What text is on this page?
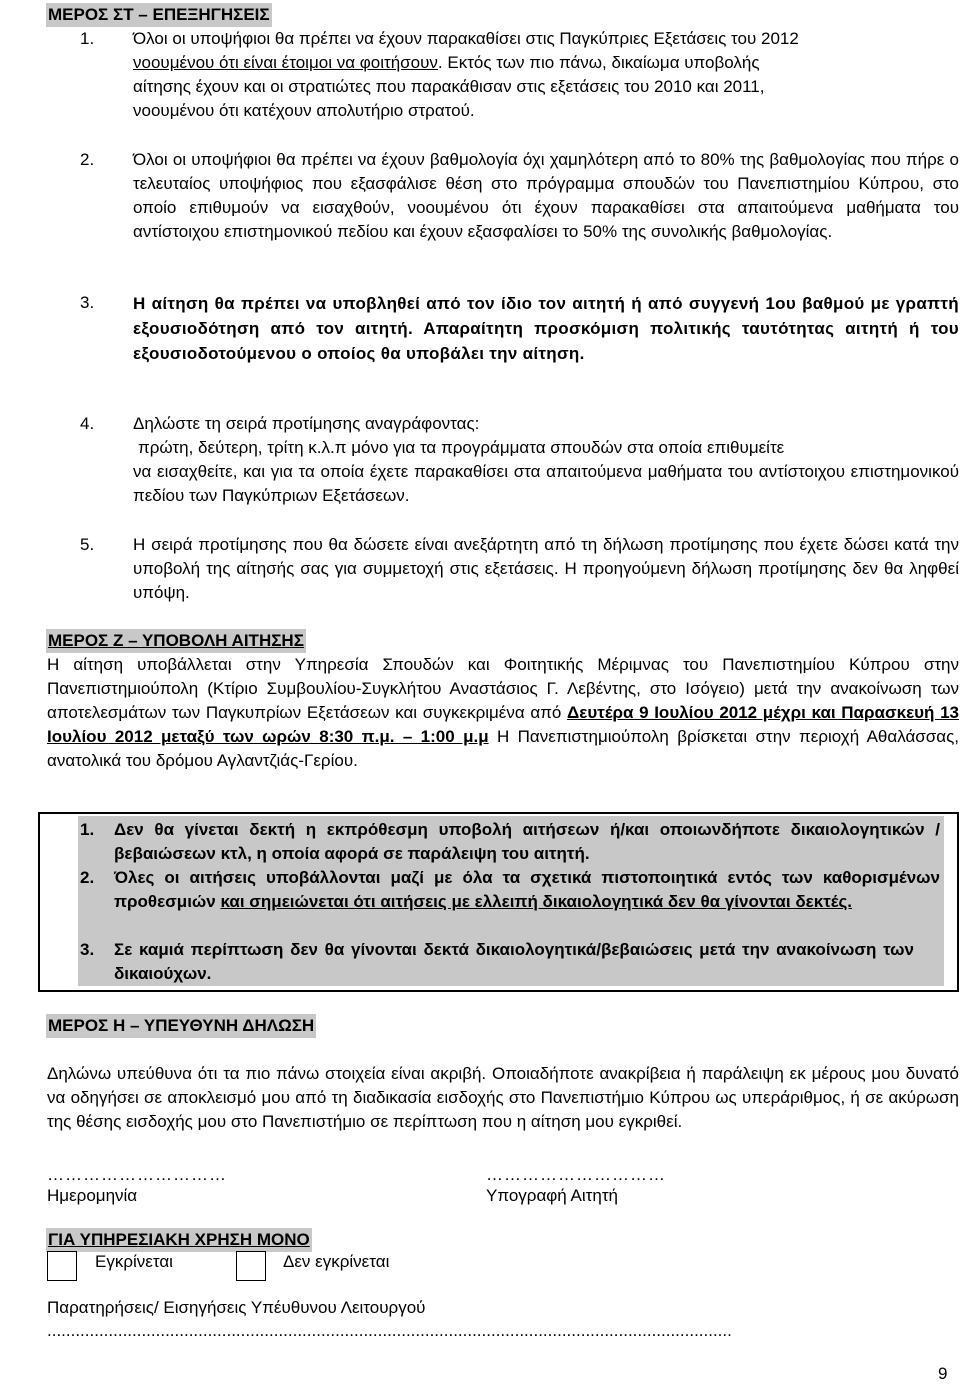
ΜΕΡΟΣ ΣΤ – ΕΠΕΞΗΓΗΣΕΙΣ
1. Όλοι οι υποψήφιοι θα πρέπει να έχουν παρακαθίσει στις Παγκύπριες Εξετάσεις του 2012
νοουμένου ότι είναι έτοιμοι να φοιτήσουν. Εκτός των πιο πάνω, δικαίωμα υποβολής
αίτησης έχουν και οι στρατιώτες που παρακάθισαν στις εξετάσεις του 2010 και 2011,
νοουμένου ότι κατέχουν απολυτήριο στρατού.
2. Όλοι οι υποψήφιοι θα πρέπει να έχουν βαθμολογία όχι χαμηλότερη από το 80% της βαθμολογίας που πήρε ο τελευταίος υποψήφιος που εξασφάλισε θέση στο πρόγραμμα σπουδών του Πανεπιστημίου Κύπρου, στο οποίο επιθυμούν να εισαχθούν, νοουμένου ότι έχουν παρακαθίσει στα απαιτούμενα μαθήματα του αντίστοιχου επιστημονικού πεδίου και έχουν εξασφαλίσει το 50% της συνολικής βαθμολογίας.
3. Η αίτηση θα πρέπει να υποβληθεί από τον ίδιο τον αιτητή ή από συγγενή 1ου βαθμού με γραπτή εξουσιοδότηση από τον αιτητή. Απαραίτητη προσκόμιση πολιτικής ταυτότητας αιτητή ή του εξουσιοδοτούμενου ο οποίος θα υποβάλει την αίτηση.
4. Δηλώστε τη σειρά προτίμησης αναγράφοντας:
πρώτη, δεύτερη, τρίτη κ.λ.π μόνο για τα προγράμματα σπουδών στα οποία επιθυμείτε
να εισαχθείτε, και για τα οποία έχετε παρακαθίσει στα απαιτούμενα μαθήματα του αντίστοιχου επιστημονικού πεδίου των Παγκύπριων Εξετάσεων.
5. Η σειρά προτίμησης που θα δώσετε είναι ανεξάρτητη από τη δήλωση προτίμησης που έχετε δώσει κατά την υποβολή της αίτησής σας για συμμετοχή στις εξετάσεις. Η προηγούμενη δήλωση προτίμησης δεν θα ληφθεί υπόψη.
ΜΕΡΟΣ Ζ – ΥΠΟΒΟΛΗ ΑΙΤΗΣΗΣ
Η αίτηση υποβάλλεται στην Υπηρεσία Σπουδών και Φοιτητικής Μέριμνας του Πανεπιστημίου Κύπρου στην Πανεπιστημιούπολη (Κτίριο Συμβουλίου-Συγκλήτου Αναστάσιος Γ. Λεβέντης, στο Ισόγειο) μετά την ανακοίνωση των αποτελεσμάτων των Παγκυπρίων Εξετάσεων και συγκεκριμένα από Δευτέρα 9 Ιουλίου 2012 μέχρι και Παρασκευή 13 Ιουλίου 2012 μεταξύ των ωρών 8:30 π.μ. – 1:00 μ.μ Η Πανεπιστημιούπολη βρίσκεται στην περιοχή Αθαλάσσας, ανατολικά του δρόμου Αγλαντζιάς-Γερίου.
1. Δεν θα γίνεται δεκτή η εκπρόθεσμη υποβολή αιτήσεων ή/και οποιωνδήποτε δικαιολογητικών / βεβαιώσεων κτλ, η οποία αφορά σε παράλειψη του αιτητή.
2. Όλες οι αιτήσεις υποβάλλονται μαζί με όλα τα σχετικά πιστοποιητικά εντός των καθορισμένων προθεσμιών και σημειώνεται ότι αιτήσεις με ελλειπή δικαιολογητικά δεν θα γίνονται δεκτές.
3. Σε καμιά περίπτωση δεν θα γίνονται δεκτά δικαιολογητικά/βεβαιώσεις μετά την ανακοίνωση των δικαιούχων.
ΜΕΡΟΣ Η – ΥΠΕΥΘΥΝΗ ΔΗΛΩΣΗ
Δηλώνω υπεύθυνα ότι τα πιο πάνω στοιχεία είναι ακριβή. Οποιαδήποτε ανακρίβεια ή παράλειψη εκ μέρους μου δυνατό να οδηγήσει σε αποκλεισμό μου από τη διαδικασία εισδοχής στο Πανεπιστήμιο Κύπρου ως υπεράριθμος, ή σε ακύρωση της θέσης εισδοχής μου στο Πανεπιστήμιο σε περίπτωση που η αίτηση μου εγκριθεί.
…………………………	…………………………
Ημερομηνία	Υπογραφή Αιτητή
ΓΙΑ ΥΠΗΡΕΣΙΑΚΗ ΧΡΗΣΗ ΜΟΝΟ
Εγκρίνεται	Δεν εγκρίνεται
Παρατηρήσεις/ Εισηγήσεις Υπέυθυνου Λειτουργού
.................................................................................................................................................
9
